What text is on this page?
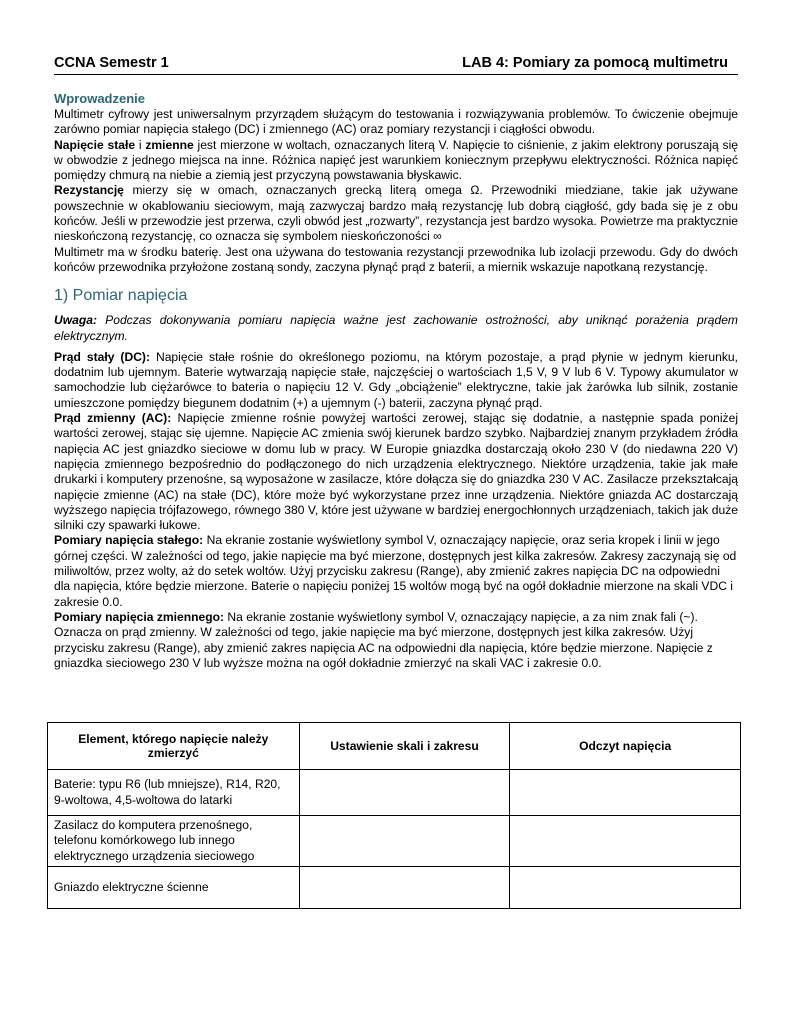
CCNA Semestr 1	LAB 4: Pomiary za pomocą multimetru
Wprowadzenie

Multimetr cyfrowy jest uniwersalnym przyrządem służącym do testowania i rozwiązywania problemów. To ćwiczenie obejmuje zarówno pomiar napięcia stałego (DC) i zmiennego (AC) oraz pomiary rezystancji i ciągłości obwodu.

Napięcie stałe i zmienne jest mierzone w woltach, oznaczanych literą V. Napięcie to ciśnienie, z jakim elektrony poruszają się w obwodzie z jednego miejsca na inne. Różnica napięć jest warunkiem koniecznym przepływu elektryczności. Różnica napięć pomiędzy chmurą na niebie a ziemią jest przyczyną powstawania błyskawic.

Rezystancję mierzy się w omach, oznaczanych grecką literą omega Ω. Przewodniki miedziane, takie jak używane powszechnie w okablowaniu sieciowym, mają zazwyczaj bardzo małą rezystancję lub dobrą ciągłość, gdy bada się je z obu końców. Jeśli w przewodzie jest przerwa, czyli obwód jest „rozwarty”, rezystancja jest bardzo wysoka. Powietrze ma praktycznie nieskończoną rezystancję, co oznacza się symbolem nieskończoności ∞

Multimetr ma w środku baterię. Jest ona używana do testowania rezystancji przewodnika lub izolacji przewodu. Gdy do dwóch końców przewodnika przyłożone zostaną sondy, zaczyna płynąć prąd z baterii, a miernik wskazuje napotkaną rezystancję.

1) Pomiar napięcia

Uwaga: Podczas dokonywania pomiaru napięcia ważne jest zachowanie ostrożności, aby uniknąć porażenia prądem elektrycznym.

Prąd stały (DC): Napięcie stałe rośnie do określonego poziomu, na którym pozostaje, a prąd płynie w jednym kierunku, dodatnim lub ujemnym. Baterie wytwarzają napięcie stałe, najczęściej o wartościach 1,5 V, 9 V lub 6 V. Typowy akumulator w samochodzie lub ciężarówce to bateria o napięciu 12 V. Gdy „obciążenie” elektryczne, takie jak żarówka lub silnik, zostanie umieszczone pomiędzy biegunem dodatnim (+) a ujemnym (-) baterii, zaczyna płynąć prąd.

Prąd zmienny (AC): Napięcie zmienne rośnie powyżej wartości zerowej, stając się dodatnie, a następnie spada poniżej wartości zerowej, stając się ujemne. Napięcie AC zmienia swój kierunek bardzo szybko. Najbardziej znanym przykładem źródła napięcia AC jest gniazdko sieciowe w domu lub w pracy. W Europie gniazdka dostarczają około 230 V (do niedawna 220 V) napięcia zmiennego bezpośrednio do podłączonego do nich urządzenia elektrycznego. Niektóre urządzenia, takie jak małe drukarki i komputery przenośne, są wyposażone w zasilacze, które dołącza się do gniazdka 230 V AC. Zasilacze przekształcają napięcie zmienne (AC) na stałe (DC), które może być wykorzystane przez inne urządzenia. Niektóre gniazda AC dostarczają wyższego napięcia trójfazowego, równego 380 V, które jest używane w bardziej energochłonnych urządzeniach, takich jak duże silniki czy spawarki łukowe.

Pomiary napięcia stałego: Na ekranie zostanie wyświetlony symbol V, oznaczający napięcie, oraz seria kropek i linii w jego górnej części. W zależności od tego, jakie napięcie ma być mierzone, dostępnych jest kilka zakresów. Zakresy zaczynają się od miliwoltów, przez wolty, aż do setek woltów. Użyj przycisku zakresu (Range), aby zmienić zakres napięcia DC na odpowiedni dla napięcia, które będzie mierzone. Baterie o napięciu poniżej 15 woltów mogą być na ogół dokładnie mierzone na skali VDC i zakresie 0.0.

Pomiary napięcia zmiennego: Na ekranie zostanie wyświetlony symbol V, oznaczający napięcie, a za nim znak fali (~). Oznacza on prąd zmienny. W zależności od tego, jakie napięcie ma być mierzone, dostępnych jest kilka zakresów. Użyj przycisku zakresu (Range), aby zmienić zakres napięcia AC na odpowiedni dla napięcia, które będzie mierzone. Napięcie z gniazdka sieciowego 230 V lub wyższe można na ogół dokładnie zmierzyć na skali VAC i zakresie 0.0.

Element, którego napięcie należy zmierzyć	Ustawienie skali i zakresu	Odczyt napięcia
Baterie: typu R6 (lub mniejsze), R14, R20, 9-woltowa, 4,5-woltowa do latarki		
Zasilacz do komputera przenośnego, telefonu komórkowego lub innego elektrycznego urządzenia sieciowego		
Gniazdo elektryczne ścienne		
